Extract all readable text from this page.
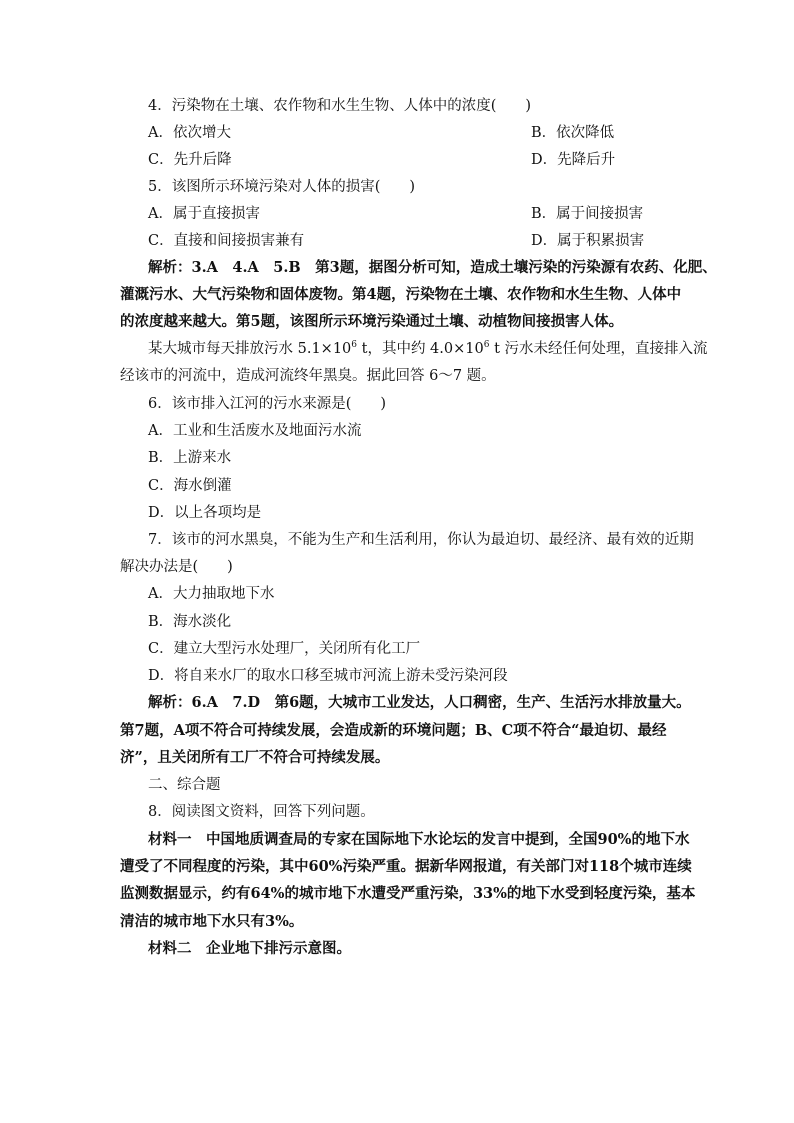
4．污染物在土壤、农作物和水生生物、人体中的浓度(　　)
A．依次增大	B．依次降低
C．先升后降	D．先降后升
5．该图所示环境污染对人体的损害(　　)
A．属于直接损害	B．属于间接损害
C．直接和间接损害兼有	D．属于积累损害
解析：3.A　4.A　5.B　第3题，据图分析可知，造成土壤污染的污染源有农药、化肥、
灌溉污水、大气污染物和固体废物。第4题，污染物在土壤、农作物和水生生物、人体中
的浓度越来越大。第5题，该图所示环境污染通过土壤、动植物间接损害人体。
某大城市每天排放污水 $5.1\times 10^6$ t，其中约 $4.0\times 10^6$ t 污水未经任何处理，直接排入流
经该市的河流中，造成河流终年黑臭。据此回答 6～7 题。
6．该市排入江河的污水来源是(　　)
A．工业和生活废水及地面污水流
B．上游来水
C．海水倒灌
D．以上各项均是
7．该市的河水黑臭，不能为生产和生活利用，你认为最迫切、最经济、最有效的近期
解决办法是(　　)
A．大力抽取地下水
B．海水淡化
C．建立大型污水处理厂，关闭所有化工厂
D．将自来水厂的取水口移至城市河流上游未受污染河段
解析：6.A　7.D　第6题，大城市工业发达，人口稠密，生产、生活污水排放量大。
第7题，A项不符合可持续发展，会造成新的环境问题；B、C项不符合“最迫切、最经
济”，且关闭所有工厂不符合可持续发展。
二、综合题
8．阅读图文资料，回答下列问题。
材料一　中国地质调查局的专家在国际地下水论坛的发言中提到，全国90%的地下水
遭受了不同程度的污染，其中60%污染严重。据新华网报道，有关部门对118个城市连续
监测数据显示，约有64%的城市地下水遭受严重污染，33%的地下水受到轻度污染，基本
清洁的城市地下水只有3%。
材料二　企业地下排污示意图。
